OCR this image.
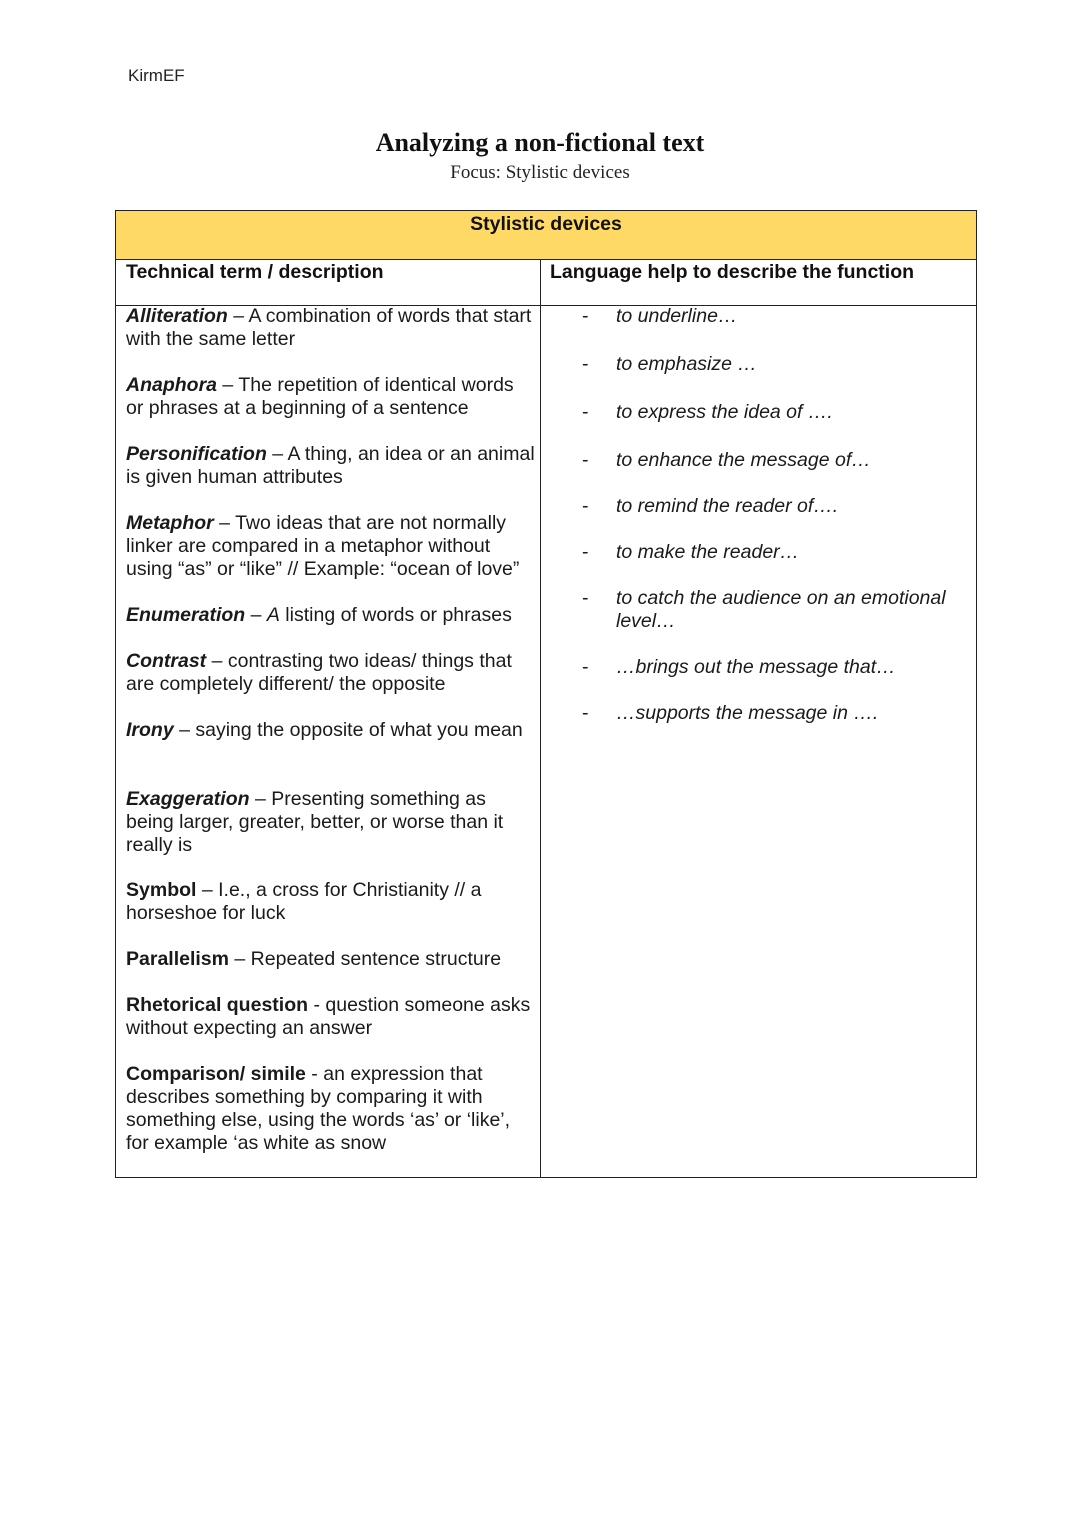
KirmEF
Analyzing a non-fictional text
Focus: Stylistic devices
Stylistic devices
Technical term / description	Language help to describe the function
Alliteration – A combination of words that start with the same letter
Anaphora – The repetition of identical words or phrases at a beginning of a sentence
Personification – A thing, an idea or an animal is given human attributes
Metaphor – Two ideas that are not normally linker are compared in a metaphor without using “as” or “like” // Example: “ocean of love”
Enumeration – A listing of words or phrases
Contrast – contrasting two ideas/ things that are completely different/ the opposite
Irony – saying the opposite of what you mean
Exaggeration – Presenting something as being larger, greater, better, or worse than it really is
Symbol – I.e., a cross for Christianity // a horseshoe for luck
Parallelism – Repeated sentence structure
Rhetorical question - question someone asks without expecting an answer
Comparison/ simile - an expression that describes something by comparing it with something else, using the words ‘as’ or ‘like’, for example ‘as white as snow
- to underline…
- to emphasize …
- to express the idea of ….
- to enhance the message of…
- to remind the reader of….
- to make the reader…
- to catch the audience on an emotional level…
- …brings out the message that…
- …supports the message in ….
